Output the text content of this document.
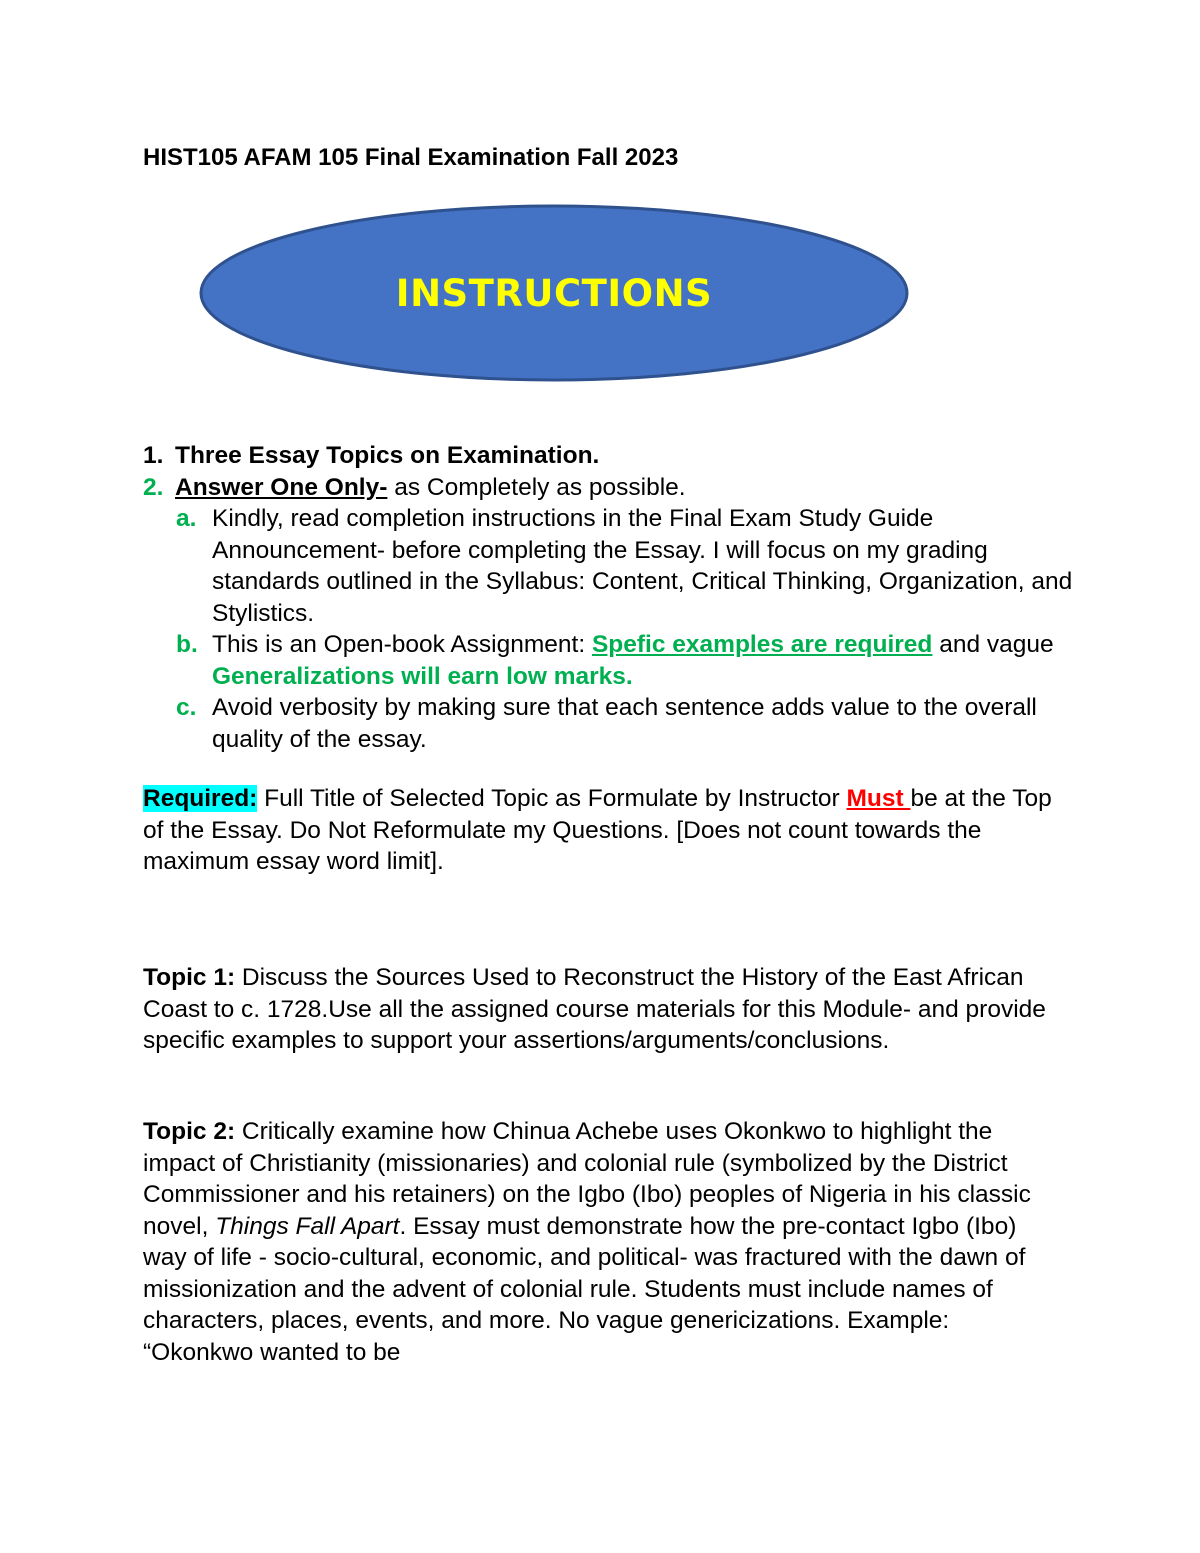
HIST105 AFAM 105 Final Examination Fall 2023
INSTRUCTIONS
1. Three Essay Topics on Examination.
2. Answer One Only- as Completely as possible.
a. Kindly, read completion instructions in the Final Exam Study Guide Announcement- before completing the Essay. I will focus on my grading standards outlined in the Syllabus: Content, Critical Thinking, Organization, and Stylistics.
b. This is an Open-book Assignment: Spefic examples are required and vague Generalizations will earn low marks.
c. Avoid verbosity by making sure that each sentence adds value to the overall quality of the essay.
Required: Full Title of Selected Topic as Formulate by Instructor Must be at the Top of the Essay. Do Not Reformulate my Questions. [Does not count towards the maximum essay word limit].
Topic 1: Discuss the Sources Used to Reconstruct the History of the East African Coast to c. 1728.Use all the assigned course materials for this Module- and provide specific examples to support your assertions/arguments/conclusions.
Topic 2: Critically examine how Chinua Achebe uses Okonkwo to highlight the impact of Christianity (missionaries) and colonial rule (symbolized by the District Commissioner and his retainers) on the Igbo (Ibo) peoples of Nigeria in his classic novel, Things Fall Apart. Essay must demonstrate how the pre-contact Igbo (Ibo) way of life - socio-cultural, economic, and political- was fractured with the dawn of missionization and the advent of colonial rule. Students must include names of characters, places, events, and more. No vague genericizations. Example: “Okonkwo wanted to be
